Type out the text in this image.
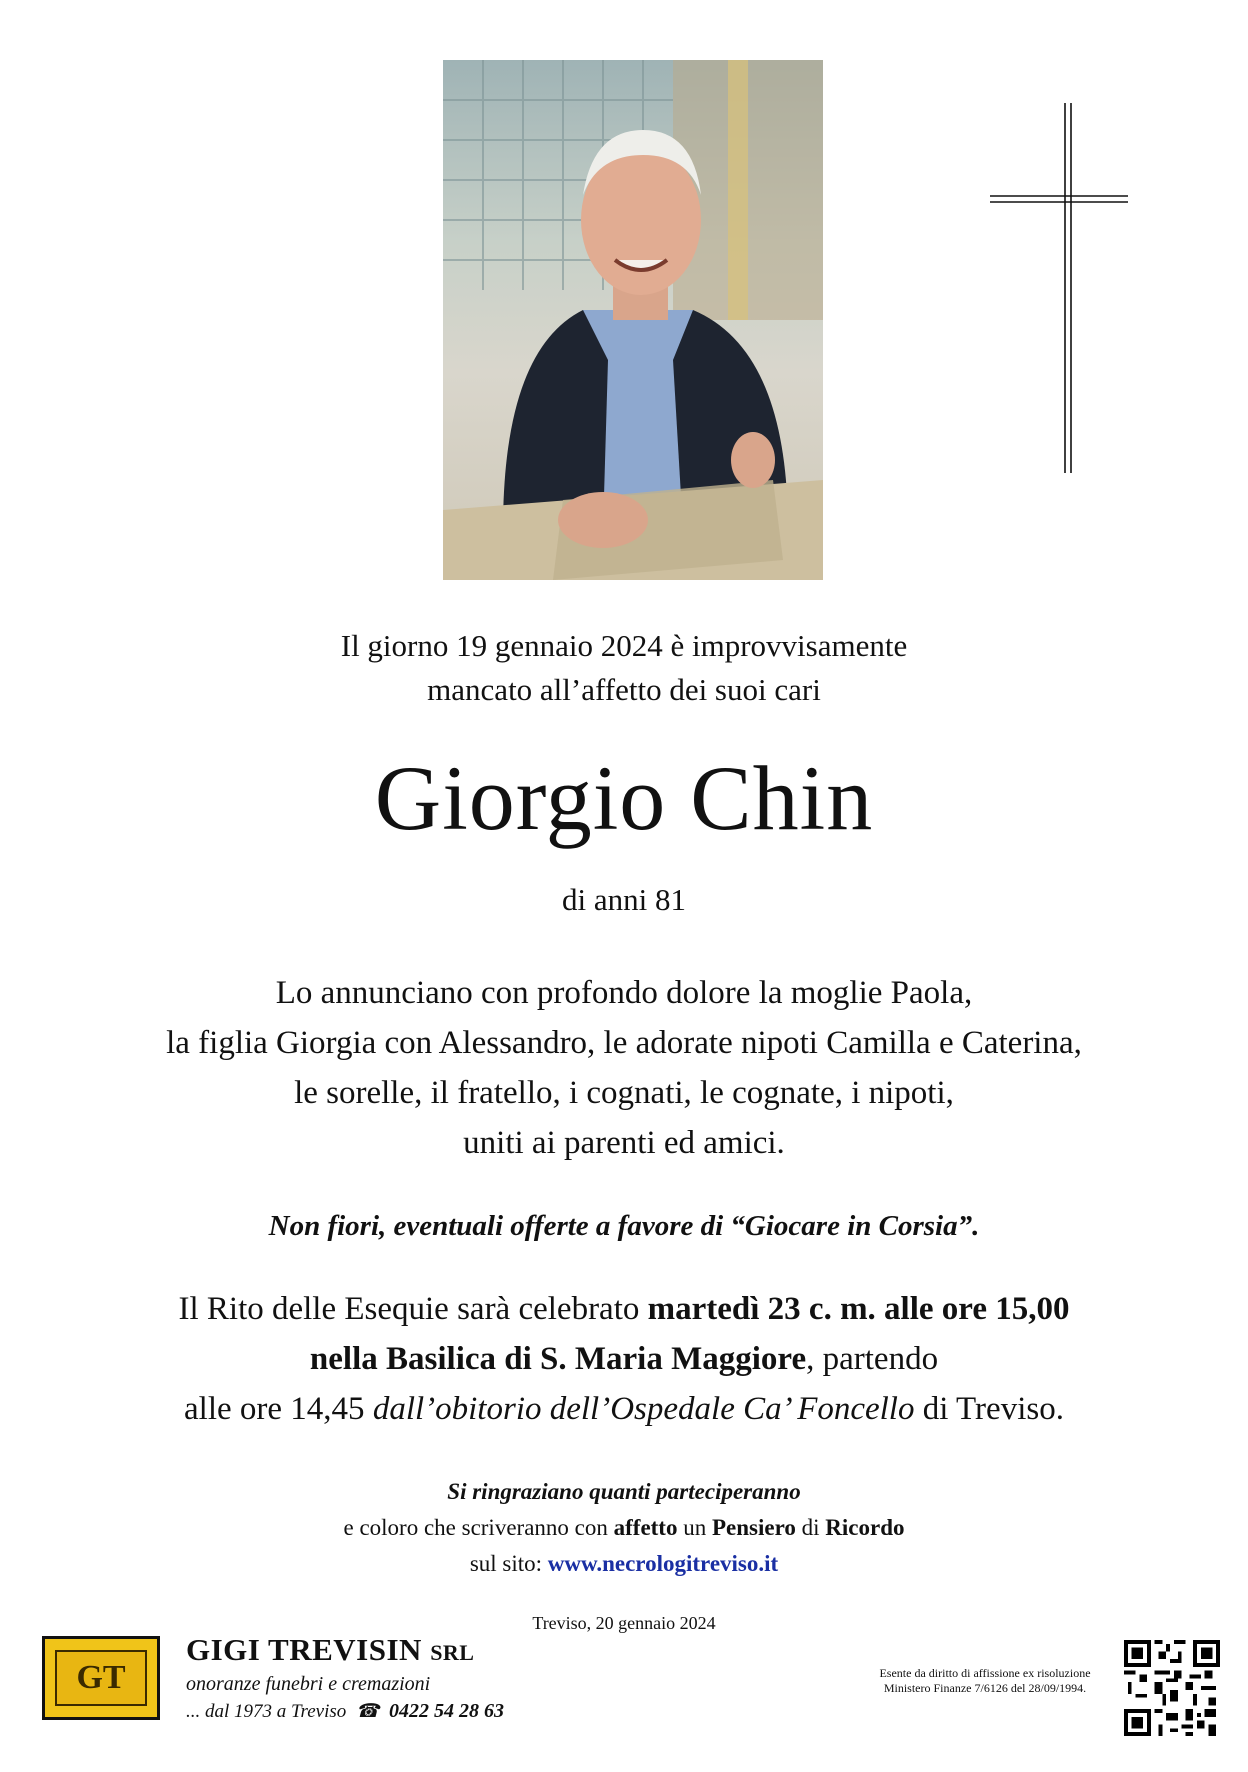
Il giorno 19 gennaio 2024 è improvvisamente
mancato all’affetto dei suoi cari
Giorgio Chin
di anni 81
Lo annunciano con profondo dolore la moglie Paola,
la figlia Giorgia con Alessandro, le adorate nipoti Camilla e Caterina,
le sorelle, il fratello, i cognati, le cognate, i nipoti,
uniti ai parenti ed amici.
Non fiori, eventuali offerte a favore di “Giocare in Corsia”.
Il Rito delle Esequie sarà celebrato martedì 23 c. m. alle ore 15,00
nella Basilica di S. Maria Maggiore, partendo
alle ore 14,45 dall’obitorio dell’Ospedale Ca’ Foncello di Treviso.
Si ringraziano quanti parteciperanno
e coloro che scriveranno con affetto un Pensiero di Ricordo
sul sito: www.necrologitreviso.it
Treviso, 20 gennaio 2024
GT
GIGI TREVISIN SRL
onoranze funebri e cremazioni
... dal 1973 a Treviso  ☎  0422 54 28 63
Esente da diritto di affissione ex risoluzione
Ministero Finanze 7/6126 del 28/09/1994.
